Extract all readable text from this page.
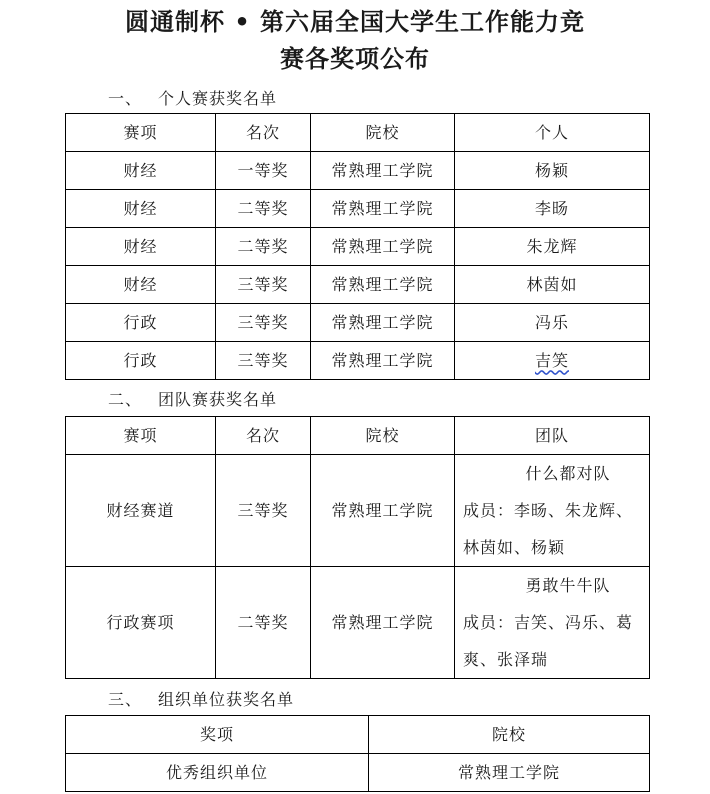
圆通制杯 • 第六届全国大学生工作能力竞
赛各奖项公布
一、 个人赛获奖名单
赛项	名次	院校	个人
财经	一等奖	常熟理工学院	杨颖
财经	二等奖	常熟理工学院	李旸
财经	二等奖	常熟理工学院	朱龙辉
财经	三等奖	常熟理工学院	林茵如
行政	三等奖	常熟理工学院	冯乐
行政	三等奖	常熟理工学院	吉笑
二、 团队赛获奖名单
赛项	名次	院校	团队
财经赛道	三等奖	常熟理工学院	什么都对队
成员：李旸、朱龙辉、林茵如、杨颖

行政赛项	二等奖	常熟理工学院	勇敢牛牛队
成员：吉笑、冯乐、葛爽、张泽瑞
三、 组织单位获奖名单
奖项	院校
优秀组织单位	常熟理工学院
